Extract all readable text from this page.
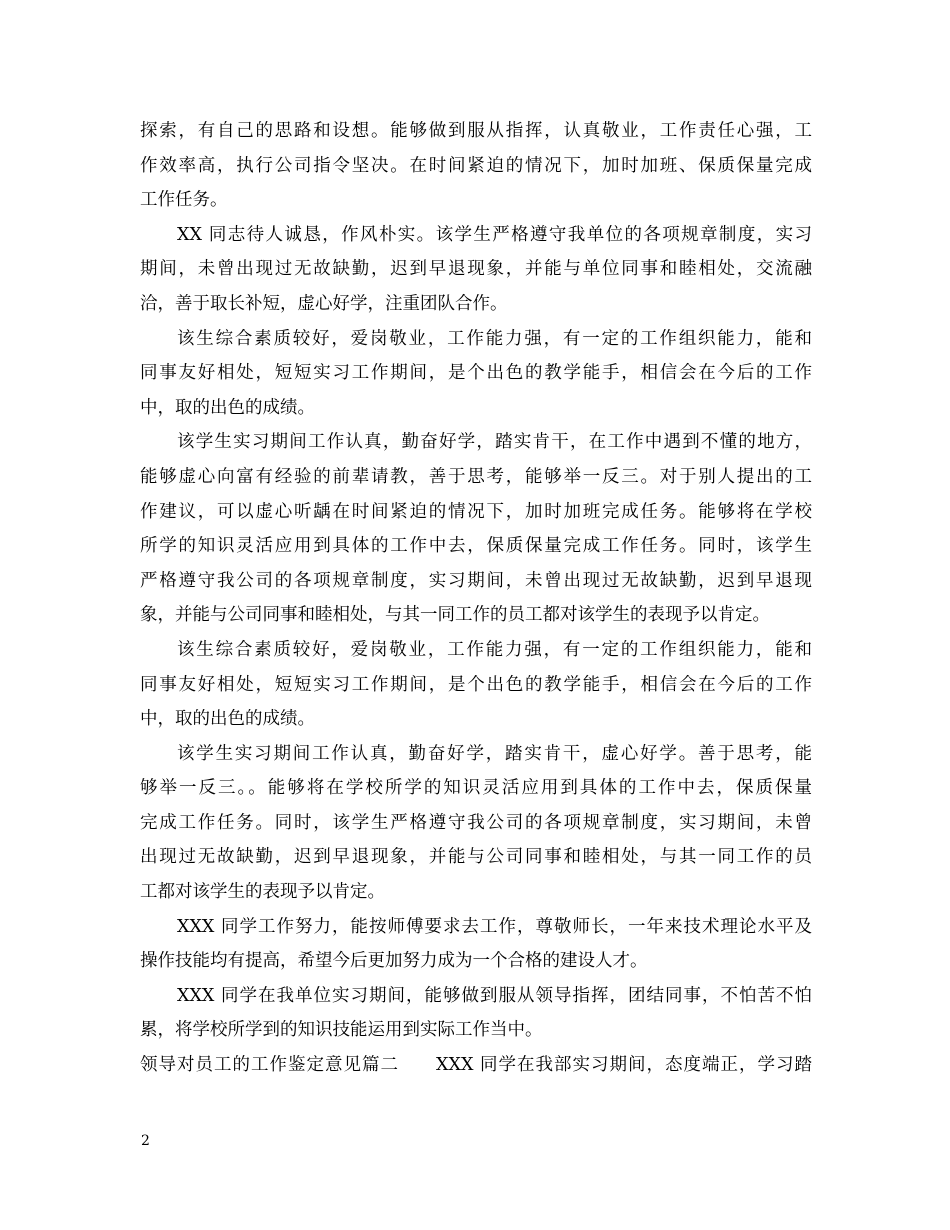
探索，有自己的思路和设想。能够做到服从指挥，认真敬业，工作责任心强，工
作效率高，执行公司指令坚决。在时间紧迫的情况下，加时加班、保质保量完成
工作任务。
XX 同志待人诚恳，作风朴实。该学生严格遵守我单位的各项规章制度，实习
期间，未曾出现过无故缺勤，迟到早退现象，并能与单位同事和睦相处，交流融
洽，善于取长补短，虚心好学，注重团队合作。
该生综合素质较好，爱岗敬业，工作能力强，有一定的工作组织能力，能和
同事友好相处，短短实习工作期间，是个出色的教学能手，相信会在今后的工作
中，取的出色的成绩。
该学生实习期间工作认真，勤奋好学，踏实肯干，在工作中遇到不懂的地方，
能够虚心向富有经验的前辈请教，善于思考，能够举一反三。对于别人提出的工
作建议，可以虚心听龋在时间紧迫的情况下，加时加班完成任务。能够将在学校
所学的知识灵活应用到具体的工作中去，保质保量完成工作任务。同时，该学生
严格遵守我公司的各项规章制度，实习期间，未曾出现过无故缺勤，迟到早退现
象，并能与公司同事和睦相处，与其一同工作的员工都对该学生的表现予以肯定。
该生综合素质较好，爱岗敬业，工作能力强，有一定的工作组织能力，能和
同事友好相处，短短实习工作期间，是个出色的教学能手，相信会在今后的工作
中，取的出色的成绩。
该学生实习期间工作认真，勤奋好学，踏实肯干，虚心好学。善于思考，能
够举一反三。。能够将在学校所学的知识灵活应用到具体的工作中去，保质保量
完成工作任务。同时，该学生严格遵守我公司的各项规章制度，实习期间，未曾
出现过无故缺勤，迟到早退现象，并能与公司同事和睦相处，与其一同工作的员
工都对该学生的表现予以肯定。
XXX 同学工作努力，能按师傅要求去工作，尊敬师长，一年来技术理论水平及
操作技能均有提高，希望今后更加努力成为一个合格的建设人才。
XXX 同学在我单位实习期间，能够做到服从领导指挥，团结同事，不怕苦不怕
累，将学校所学到的知识技能运用到实际工作当中。
领导对员工的工作鉴定意见篇二　　XXX 同学在我部实习期间，态度端正，学习踏
2
